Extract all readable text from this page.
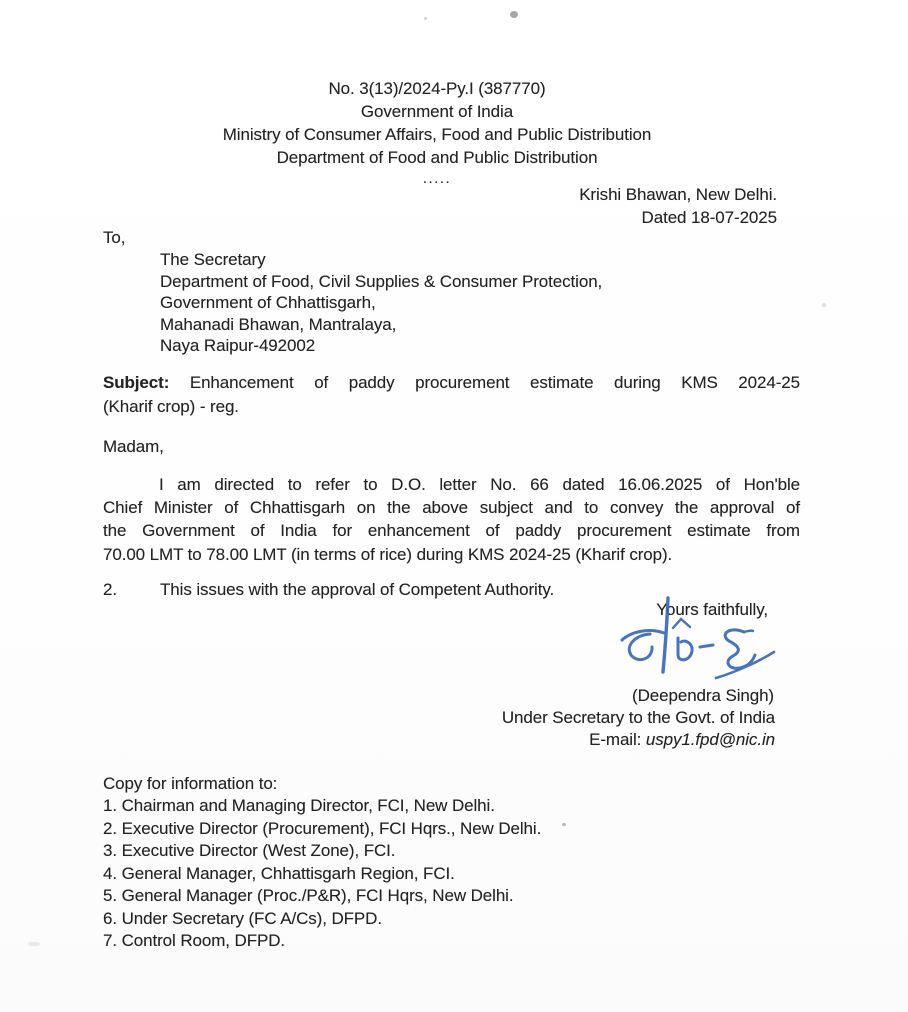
No. 3(13)/2024-Py.I (387770)
Government of India
Ministry of Consumer Affairs, Food and Public Distribution
Department of Food and Public Distribution
.....
Krishi Bhawan, New Delhi.
Dated 18-07-2025
To,
The Secretary
Department of Food, Civil Supplies & Consumer Protection,
Government of Chhattisgarh,
Mahanadi Bhawan, Mantralaya,
Naya Raipur-492002
Subject: Enhancement of paddy procurement estimate during KMS 2024-25
(Kharif crop) - reg.
Madam,
I am directed to refer to D.O. letter No. 66 dated 16.06.2025 of Hon'ble
Chief Minister of Chhattisgarh on the above subject and to convey the approval of
the Government of India for enhancement of paddy procurement estimate from
70.00 LMT to 78.00 LMT (in terms of rice) during KMS 2024-25 (Kharif crop).
2.	This issues with the approval of Competent Authority.
Yours faithfully,
(Deependra Singh)
Under Secretary to the Govt. of India
E-mail: uspy1.fpd@nic.in
Copy for information to:
1. Chairman and Managing Director, FCI, New Delhi.
2. Executive Director (Procurement), FCI Hqrs., New Delhi.
3. Executive Director (West Zone), FCI.
4. General Manager, Chhattisgarh Region, FCI.
5. General Manager (Proc./P&R), FCI Hqrs, New Delhi.
6. Under Secretary (FC A/Cs), DFPD.
7. Control Room, DFPD.
